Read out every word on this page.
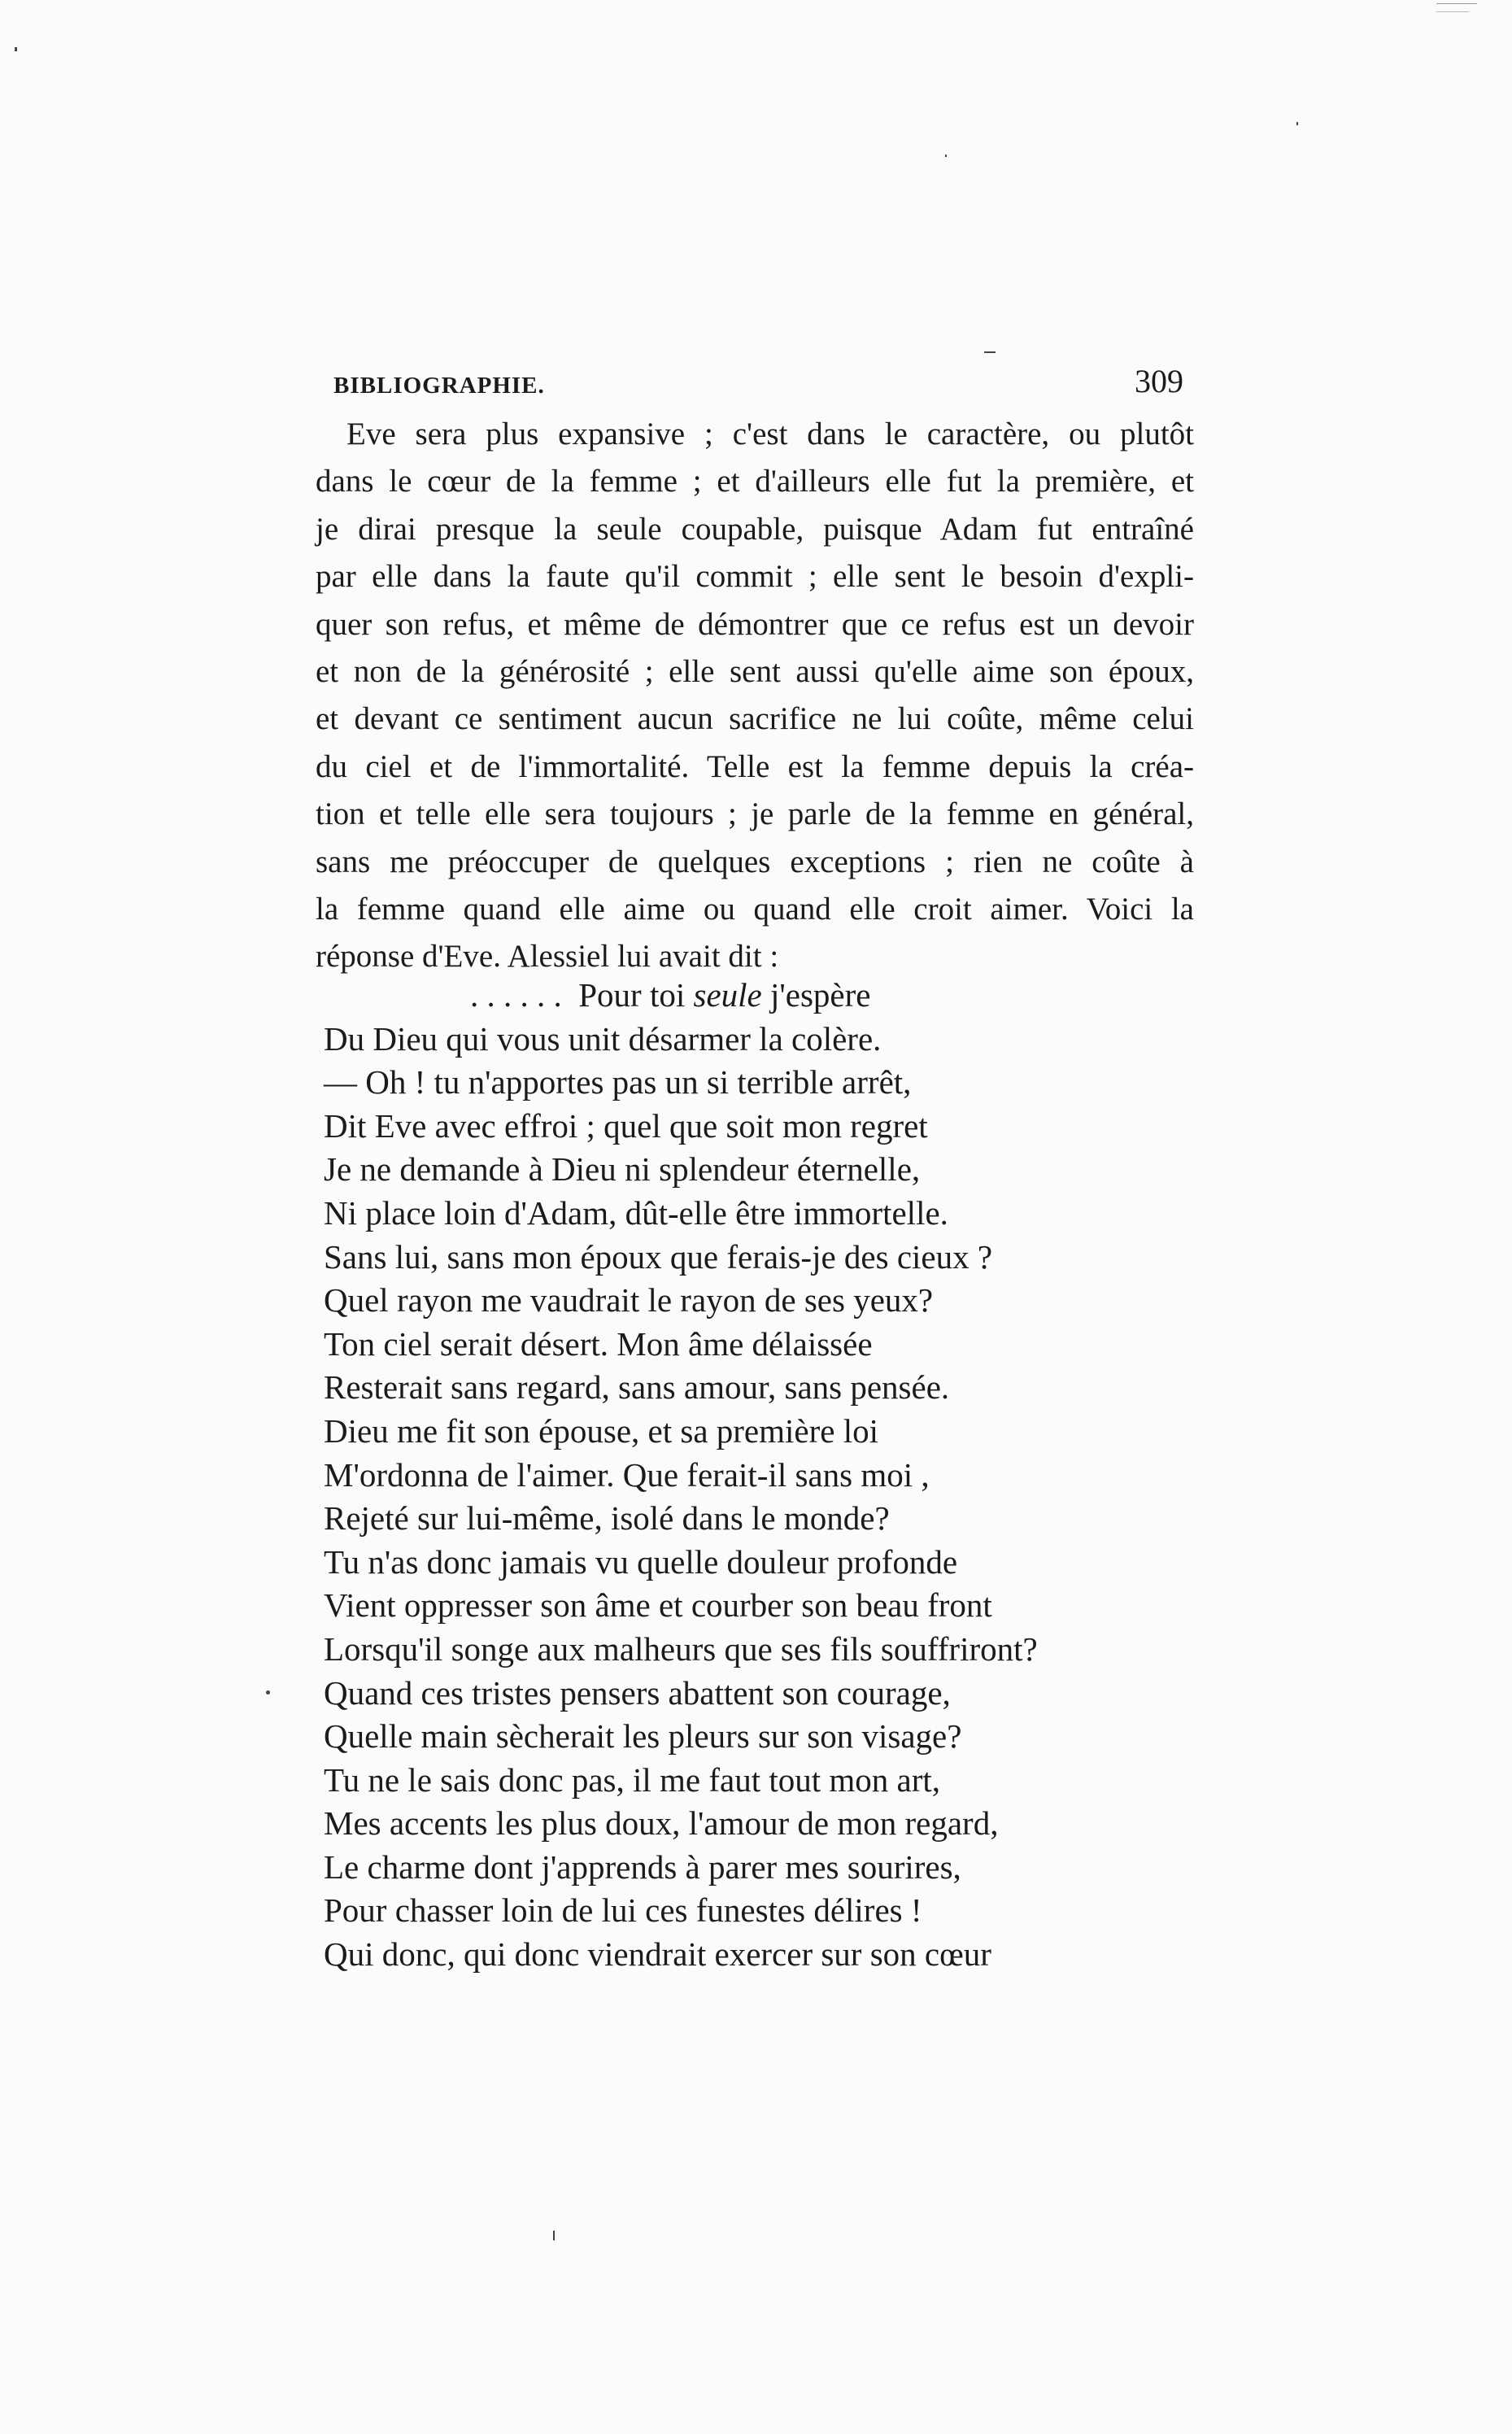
BIBLIOGRAPHIE.	309
Eve sera plus expansive ; c'est dans le caractère, ou plutôt
dans le cœur de la femme ; et d'ailleurs elle fut la première, et
je dirai presque la seule coupable, puisque Adam fut entraîné
par elle dans la faute qu'il commit ; elle sent le besoin d'expli-
quer son refus, et même de démontrer que ce refus est un devoir
et non de la générosité ; elle sent aussi qu'elle aime son époux,
et devant ce sentiment aucun sacrifice ne lui coûte, même celui
du ciel et de l'immortalité. Telle est la femme depuis la créa-
tion et telle elle sera toujours ; je parle de la femme en général,
sans me préoccuper de quelques exceptions ; rien ne coûte à
la femme quand elle aime ou quand elle croit aimer. Voici la
réponse d'Eve. Alessiel lui avait dit :
. . . . . . Pour toi seule j'espère
Du Dieu qui vous unit désarmer la colère.
— Oh ! tu n'apportes pas un si terrible arrêt,
Dit Eve avec effroi ; quel que soit mon regret
Je ne demande à Dieu ni splendeur éternelle,
Ni place loin d'Adam, dût-elle être immortelle.
Sans lui, sans mon époux que ferais-je des cieux ?
Quel rayon me vaudrait le rayon de ses yeux?
Ton ciel serait désert. Mon âme délaissée
Resterait sans regard, sans amour, sans pensée.
Dieu me fit son épouse, et sa première loi
M'ordonna de l'aimer. Que ferait-il sans moi ,
Rejeté sur lui-même, isolé dans le monde?
Tu n'as donc jamais vu quelle douleur profonde
Vient oppresser son âme et courber son beau front
Lorsqu'il songe aux malheurs que ses fils souffriront?
Quand ces tristes pensers abattent son courage,
Quelle main sècherait les pleurs sur son visage?
Tu ne le sais donc pas, il me faut tout mon art,
Mes accents les plus doux, l'amour de mon regard,
Le charme dont j'apprends à parer mes sourires,
Pour chasser loin de lui ces funestes délires !
Qui donc, qui donc viendrait exercer sur son cœur
